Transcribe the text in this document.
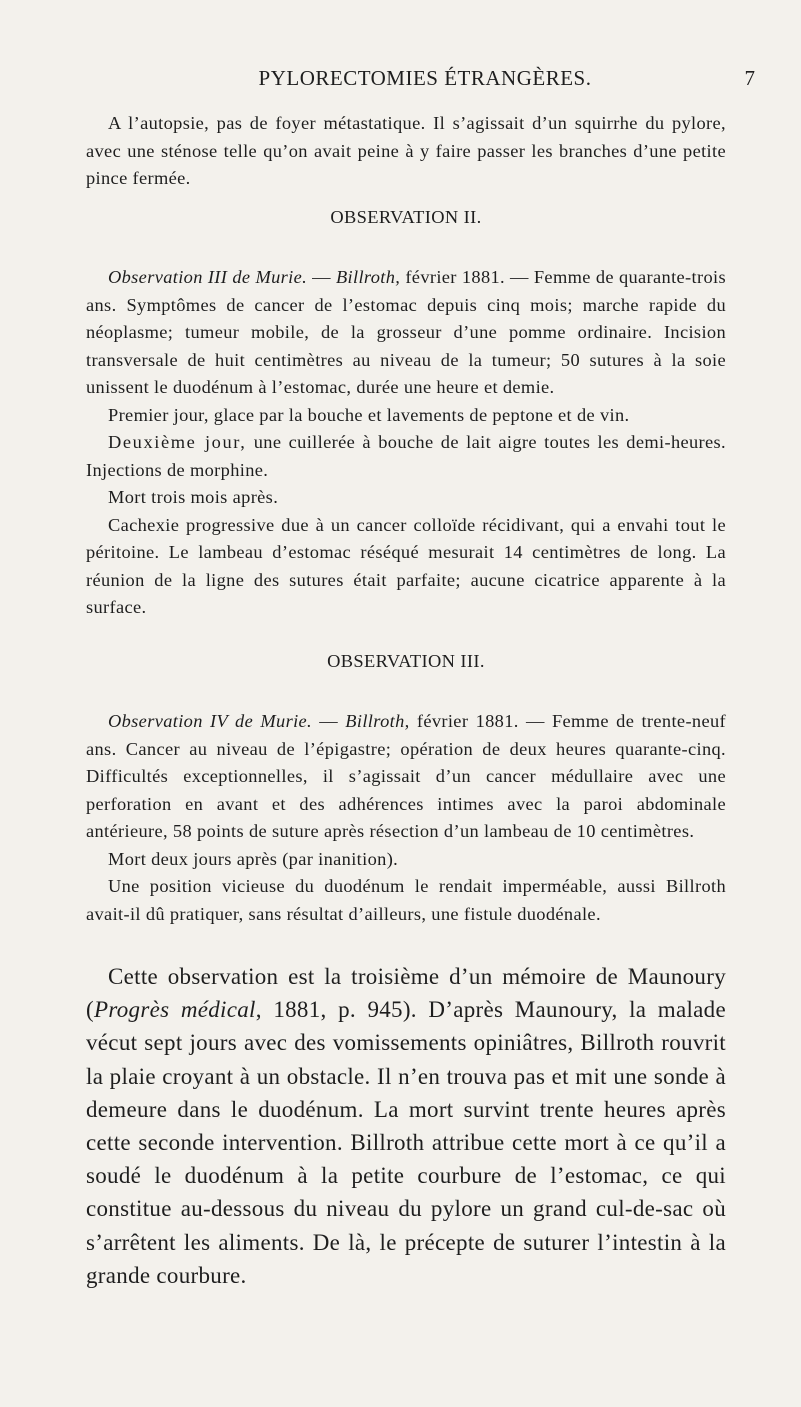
PYLORECTOMIES ÉTRANGÈRES.	7

A l’autopsie, pas de foyer métastatique. Il s’agissait d’un squirrhe du pylore, avec une sténose telle qu’on avait peine à y faire passer les branches d’une petite pince fermée.

OBSERVATION II.

Observation III de Murie. — Billroth, février 1881. — Femme de quarante-trois ans. Symptômes de cancer de l’estomac depuis cinq mois; marche rapide du néoplasme; tumeur mobile, de la grosseur d’une pomme ordinaire. Incision transversale de huit centimètres au niveau de la tumeur; 50 sutures à la soie unissent le duodénum à l’estomac, durée une heure et demie.

Premier jour, glace par la bouche et lavements de peptone et de vin.

Deuxième jour, une cuillerée à bouche de lait aigre toutes les demi-heures. Injections de morphine.

Mort trois mois après.

Cachexie progressive due à un cancer colloïde récidivant, qui a envahi tout le péritoine. Le lambeau d’estomac réséqué mesurait 14 centimètres de long. La réunion de la ligne des sutures était parfaite; aucune cicatrice apparente à la surface.

OBSERVATION III.

Observation IV de Murie. — Billroth, février 1881. — Femme de trente-neuf ans. Cancer au niveau de l’épigastre; opération de deux heures quarante-cinq. Difficultés exceptionnelles, il s’agissait d’un cancer médullaire avec une perforation en avant et des adhérences intimes avec la paroi abdominale antérieure, 58 points de suture après résection d’un lambeau de 10 centimètres.

Mort deux jours après (par inanition).

Une position vicieuse du duodénum le rendait imperméable, aussi Billroth avait-il dû pratiquer, sans résultat d’ailleurs, une fistule duodénale.

Cette observation est la troisième d’un mémoire de Maunoury (Progrès médical, 1881, p. 945). D’après Maunoury, la malade vécut sept jours avec des vomissements opiniâtres, Billroth rouvrit la plaie croyant à un obstacle. Il n’en trouva pas et mit une sonde à demeure dans le duodénum. La mort survint trente heures après cette seconde intervention. Billroth attribue cette mort à ce qu’il a soudé le duodénum à la petite courbure de l’estomac, ce qui constitue au-dessous du niveau du pylore un grand cul-de-sac où s’arrêtent les aliments. De là, le précepte de suturer l’intestin à la grande courbure.
